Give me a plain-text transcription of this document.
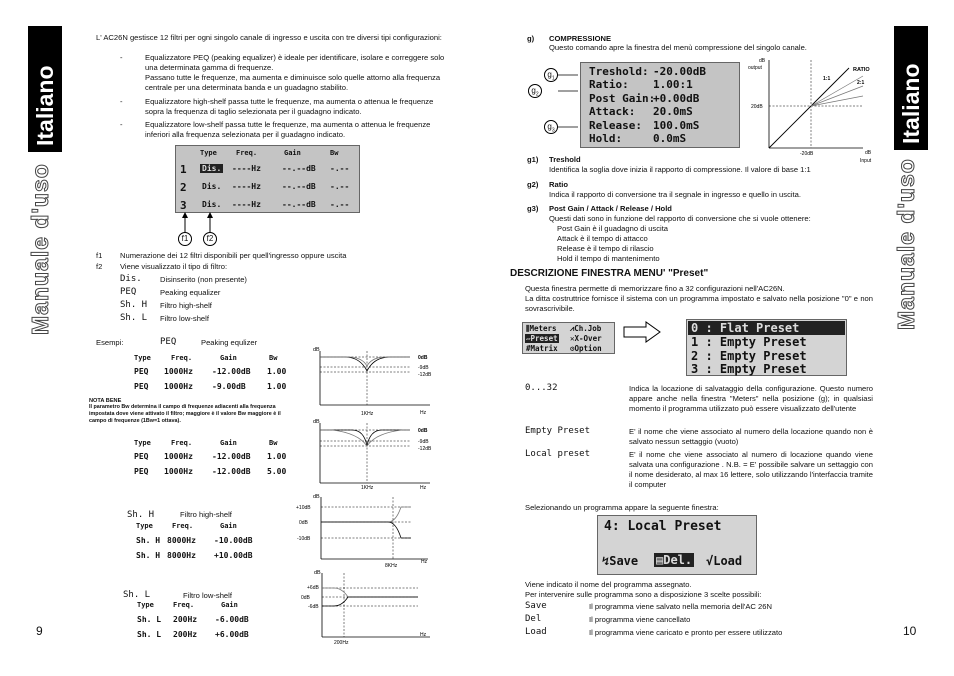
Italiano
Manuale d'uso
9
L' AC26N gestisce 12 filtri per ogni singolo canale di ingresso e uscita con tre diversi tipi configurazioni:
-	Equalizzatore PEQ (peaking equalizer) è ideale per identificare, isolare e correggere solo una determinata gamma di frequenze.
Passano tutte le frequenze, ma aumenta e diminuisce solo quelle attorno alla frequenza centrale per una determinata banda e un guadagno stabilito.
-	Equalizzatore high-shelf passa tutte le frequenze, ma aumenta o attenua le frequenze sopra la frequenza di taglio selezionata per il guadagno indicato.
-	Equalizzatore low-shelf passa tutte le frequenze, ma aumenta o attenua le frequenze inferiori alla frequenza selezionata per il guadagno indicato.
Type	Freq.	Gain	Bw
1 Dis. ----Hz	--.--dB -.--
2 Dis. ----Hz	--.--dB -.--
3 Dis. ----Hz	--.--dB -.--
f1	f2
f1 Numerazione dei 12 filtri disponibili per quell'ingresso oppure uscita
f2 Viene visualizzato il tipo di filtro:
Dis. Disinserito (non presente)
PEQ	Peaking equalizer
Sh. H Filtro high-shelf
Sh. L Filtro low-shelf
Esempi:	PEQ	Peaking equlizer
Type	Freq.	Gain	Bw
PEQ 1000Hz -12.00dB 1.00
PEQ 1000Hz -9.00dB	1.00
NOTA BENE
Il parametro Bw determina il campo di frequenze adiacenti alla frequenza impostata dove viene attivato il filtro; maggiore è il valore Bw maggiore è il campo di frequenze (1Bw=1 ottava).
Type	Freq.	Gain	Bw
PEQ 1000Hz -12.00dB 1.00
PEQ 1000Hz -12.00dB 5.00
Sh. H	Filtro high-shelf
Type	Freq.	Gain
Sh. H 8000Hz -10.00dB
Sh. H 8000Hz +10.00dB
Sh. L	Filtro low-shelf
Type	Freq.	Gain
Sh. L 200Hz -6.00dB
Sh. L 200Hz +6.00dB
dB
0dB
-9dB
-12dB
1KHz	Hz
dB
0dB
-9dB
-12dB
1KHz	Hz
dB
+10dB
0dB
-10dB
8KHz
Hz
dB
+6dB
0dB
-6dB
200Hz
Hz
Italiano
Manuale d'uso
10
g) COMPRESSIONE
Questo comando apre la finestra del menù compressione del singolo canale.
$g_1$
$g_2$
$g_3$
Treshold: -20.00dB
Ratio: 1.00:1
Post Gain:
+0.00dB
Attack: 20.0mS
Release: 100.0mS
Hold:	0.0mS
dB
output	RATIO
1:1
2:1
20dB
-20dB	dB
Input
g1) Treshold
Identifica la soglia dove inizia il rapporto di compressione. Il valore di base 1:1
g2) Ratio
Indica il rapporto di conversione tra il segnale in ingresso e quello in uscita.
g3) Post Gain / Attack / Release / Hold
Questi dati sono in funzione del rapporto di conversione che si vuole ottenere:
Post Gain è il guadagno di uscita
Attack è il tempo di attacco
Release è il tempo di rilascio
Hold il tempo di mantenimento
DESCRIZIONE FINESTRA MENU' "Preset"
Questa finestra permette di memorizzare fino a 32 configurazioni nell'AC26N.
La ditta costruttrice fornisce il sistema con un programma impostato e salvato nella posizione "0" e non sovrascrivibile.
⫼Meters ⩘Ch.Job
▱Preset ✕X-Over
#Matrix ⚙Option
0 : Flat Preset
1 : Empty Preset
2 : Empty Preset
3 : Empty Preset
0...32	Indica la locazione di salvataggio della configurazione. Questo numero appare anche nella finestra "Meters" nella posizione (g); in qualsiasi momento il programma utilizzato può essere visualizzato dell'utente
Empty Preset	E' il nome che viene associato al numero della locazione quando non è salvato nessun settaggio (vuoto)
Local preset	E' il nome che viene associato al numero di locazione quando viene salvata una configurazione . N.B. = E' possibile salvare un settaggio con il nome desiderato, al max 16 lettere, solo utilizzando l'interfaccia tramite il computer
Selezionando un programma appare la seguente finestra:
4: Local Preset
↯Save ▤Del. √Load
Viene indicato il nome del programma assegnato.
Per intervenire sulle programma sono a disposizione 3 scelte possibili:
Save	Il programma viene salvato nella memoria dell'AC 26N
Del	Il programma viene cancellato
Load	Il programma viene caricato e pronto per essere utilizzato
